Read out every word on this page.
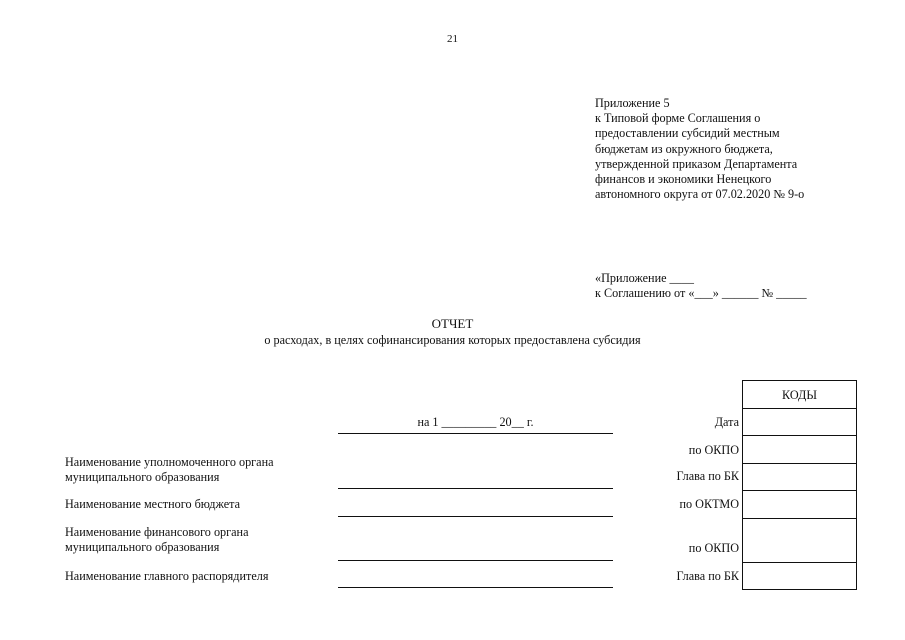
21
Приложение 5
к Типовой форме Соглашения о
предоставлении субсидий местным
бюджетам из окружного бюджета,
утвержденной приказом Департамента
финансов и экономики Ненецкого
автономного округа от 07.02.2020 № 9-о
«Приложение ____
к Соглашению от «___» ______ № _____
ОТЧЕТ
о расходах, в целях софинансирования которых предоставлена субсидия
КОДЫ
Дата
по ОКПО
Глава по БК
по ОКТМО
по ОКПО
Глава по БК
на 1 _________ 20__ г.
Наименование уполномоченного органа
муниципального образования
Наименование местного бюджета
Наименование финансового органа
муниципального образования
Наименование главного распорядителя
